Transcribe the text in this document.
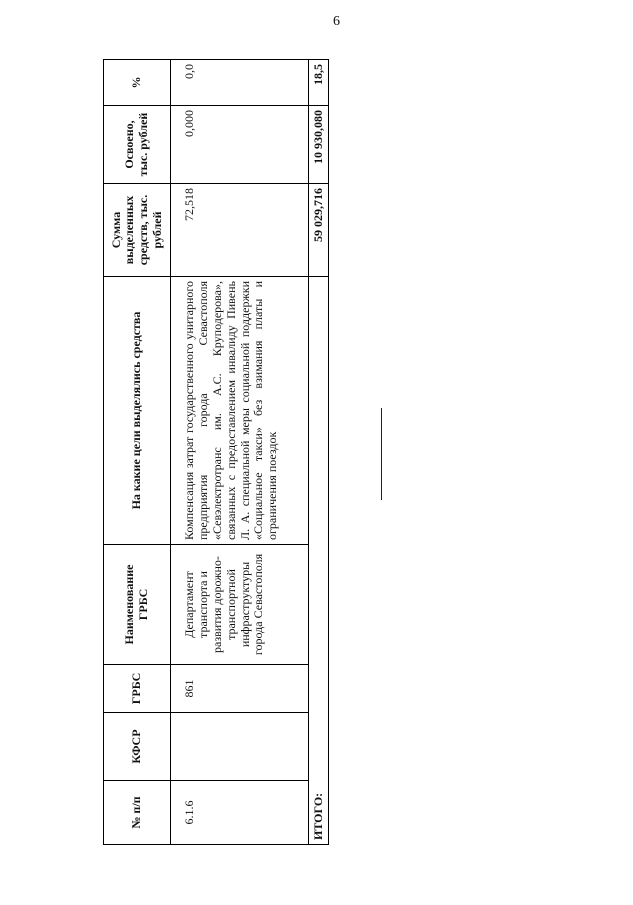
6
№ п/п	КФСР	ГРБС	Наименование ГРБС	На какие цели выделялись средства	Сумма выделенных средств, тыс. рублей	Освоено, тыс. рублей	%
6.1.6		861	Департамент транспорта и развития дорожно-транспортной инфраструктуры города Севастополя	Компенсация затрат государственного унитарного предприятия города Севастополя «Севэлектротранс им. А.С. Круподерова», связанных с предоставлением инвалиду Пивень Л. А. специальной меры социальной поддержки «Социальное такси» без взимания платы и ограничения поездок	72,518	0,000	0,0
ИТОГО:					59 029,716	10 930,080	18,5
